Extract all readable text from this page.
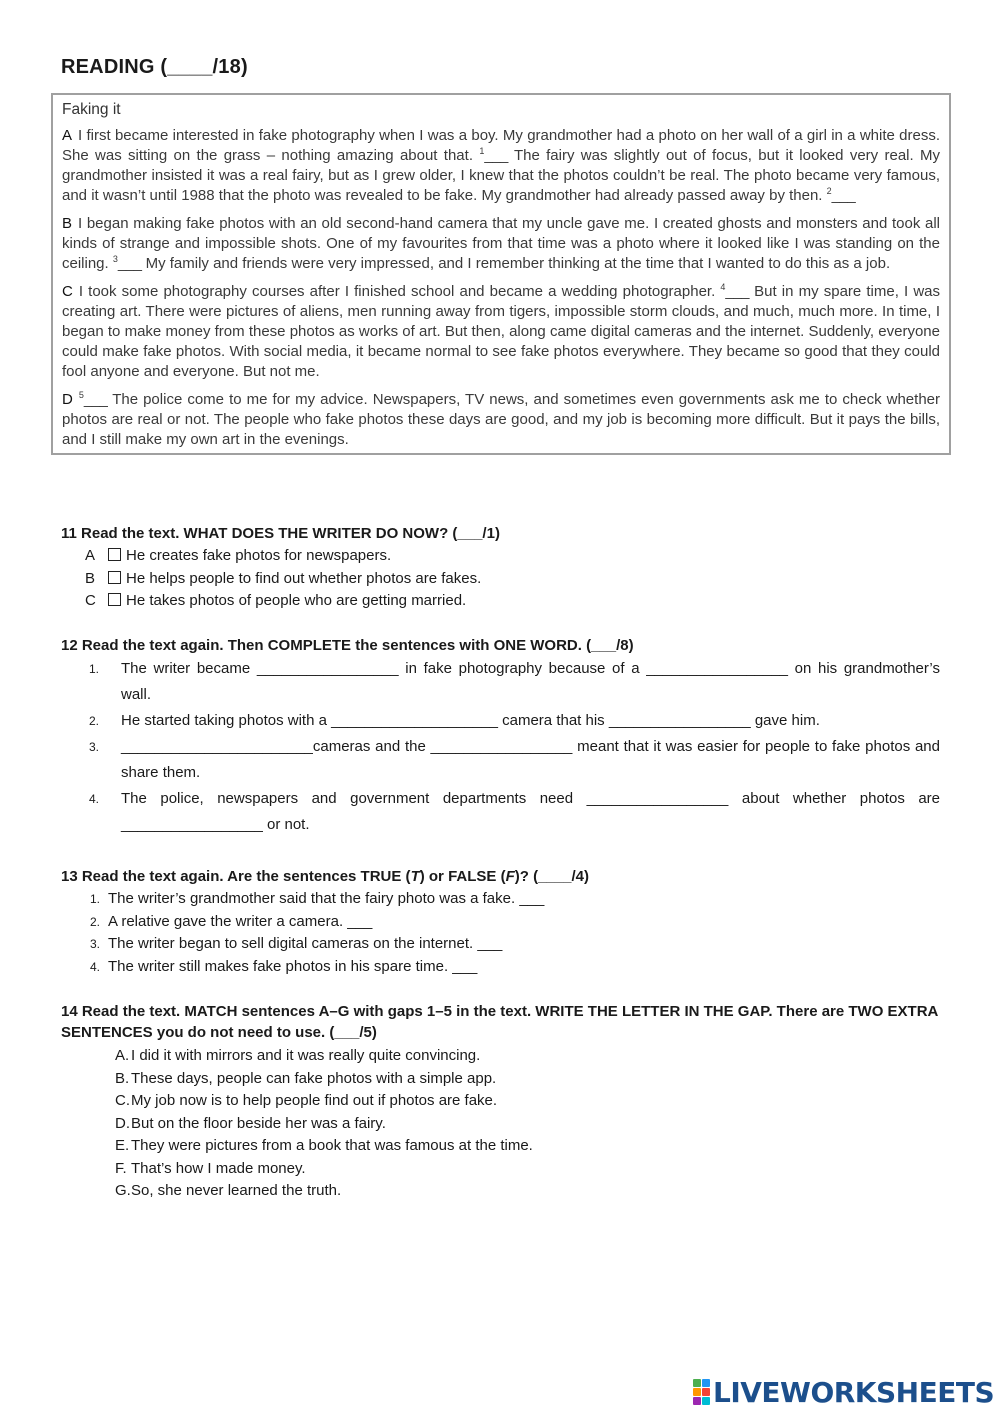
READING (____/18)
Faking it

A I first became interested in fake photography when I was a boy. My grandmother had a photo on her wall of a girl in a white dress. She was sitting on the grass – nothing amazing about that. $^1$___ The fairy was slightly out of focus, but it looked very real. My grandmother insisted it was a real fairy, but as I grew older, I knew that the photos couldn’t be real. The photo became very famous, and it wasn’t until 1988 that the photo was revealed to be fake. My grandmother had already passed away by then. $^2$___

B I began making fake photos with an old second-hand camera that my uncle gave me. I created ghosts and monsters and took all kinds of strange and impossible shots. One of my favourites from that time was a photo where it looked like I was standing on the ceiling. $^3$___ My family and friends were very impressed, and I remember thinking at the time that I wanted to do this as a job.

C I took some photography courses after I finished school and became a wedding photographer. $^4$___ But in my spare time, I was creating art. There were pictures of aliens, men running away from tigers, impossible storm clouds, and much, much more. In time, I began to make money from these photos as works of art. But then, along came digital cameras and the internet. Suddenly, everyone could make fake photos. With social media, it became normal to see fake photos everywhere. They became so good that they could fool anyone and everyone. But not me.

D $^5$___ The police come to me for my advice. Newspapers, TV news, and sometimes even governments ask me to check whether photos are real or not. The people who fake photos these days are good, and my job is becoming more difficult. But it pays the bills, and I still make my own art in the evenings.

11 Read the text. WHAT DOES THE WRITER DO NOW? (___/1)

A He creates fake photos for newspapers.
B He helps people to find out whether photos are fakes.
C He takes photos of people who are getting married.

12 Read the text again. Then COMPLETE the sentences with ONE WORD. (___/8)

1.	The writer became _________________ in fake photography because of a _________________ on his grandmother’s wall.
2.	He started taking photos with a ____________________ camera that his _________________ gave him.
3.	_______________________cameras and the _________________ meant that it was easier for people to fake photos and share them.
4.	The police, newspapers and government departments need _________________ about whether photos are _________________ or not.

13 Read the text again. Are the sentences TRUE (T) or FALSE (F)? (____/4)

1. The writer’s grandmother said that the fairy photo was a fake. ___
2. A relative gave the writer a camera. ___
3. The writer began to sell digital cameras on the internet. ___
4. The writer still makes fake photos in his spare time. ___

14 Read the text. MATCH sentences A–G with gaps 1–5 in the text. WRITE THE LETTER IN THE GAP. There are TWO EXTRA SENTENCES you do not need to use. (___/5)

A. I did it with mirrors and it was really quite convincing.
B. These days, people can fake photos with a simple app.
C.My job now is to help people find out if photos are fake.
D.But on the floor beside her was a fairy.
E. They were pictures from a book that was famous at the time.
F. That’s how I made money.
G.So, she never learned the truth.
LIVEWORKSHEETS
